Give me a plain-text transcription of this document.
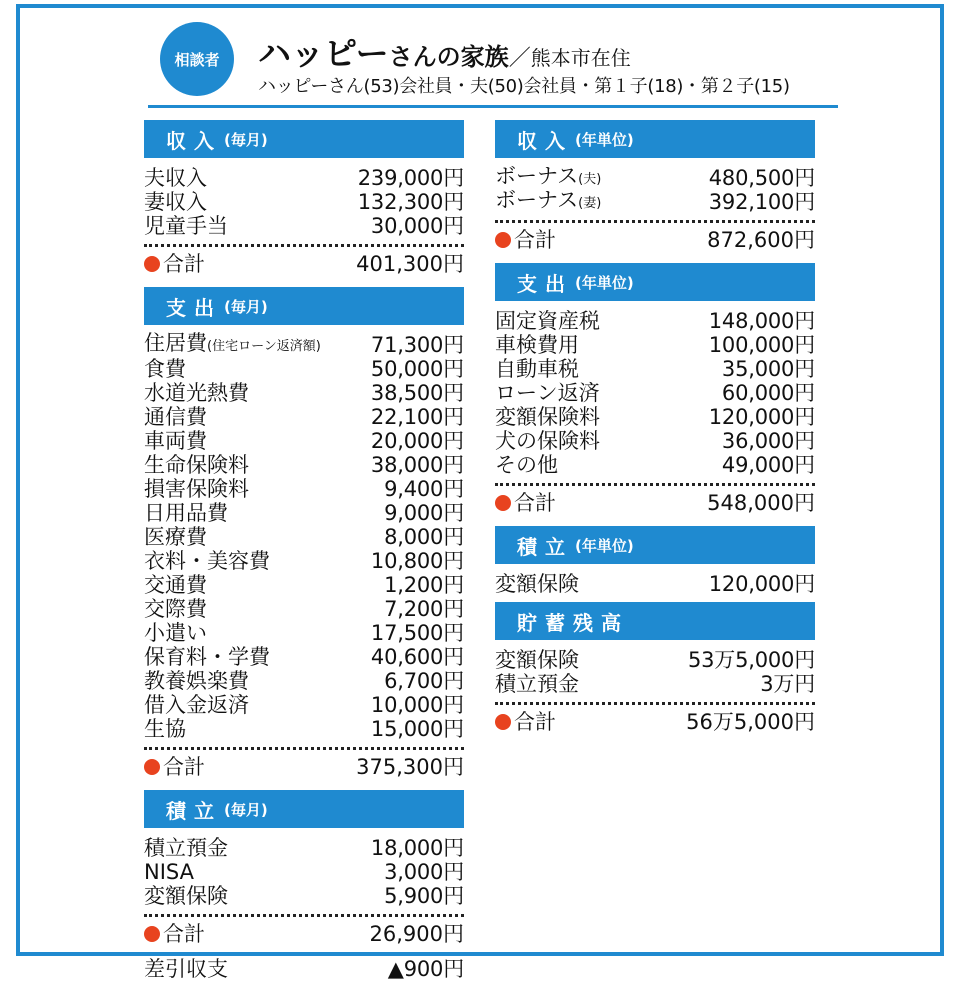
相談者	ハッピーさんの家族／熊本市在住
ハッピーさん(53)会社員・夫(50)会社員・第１子(18)・第２子(15)
収入 (毎月)
夫収入	239,000円
妻収入	132,300円
児童手当	30,000円
合計	401,300円
支出 (毎月)
住居費(住宅ローン返済額) 71,300円
食費	50,000円
水道光熱費	38,500円
通信費	22,100円
車両費	20,000円
生命保険料	38,000円
損害保険料	9,400円
日用品費	9,000円
医療費	8,000円
衣料・美容費	10,800円
交通費	1,200円
交際費	7,200円
小遣い	17,500円
保育料・学費	40,600円
教養娯楽費	6,700円
借入金返済	10,000円
生協	15,000円
合計	375,300円
積立 (毎月)
積立預金	18,000円
NISA	3,000円
変額保険	5,900円
合計	26,900円
差引収支	▲900円
収入 (年単位)
ボーナス(夫)	480,500円
ボーナス(妻)	392,100円
合計	872,600円
支出 (年単位)
固定資産税	148,000円
車検費用	100,000円
自動車税	35,000円
ローン返済	60,000円
変額保険料	120,000円
犬の保険料	36,000円
その他	49,000円
合計	548,000円
積立 (年単位)
変額保険	120,000円
貯蓄残高
変額保険	53万5,000円
積立預金	3万円
合計	56万5,000円
